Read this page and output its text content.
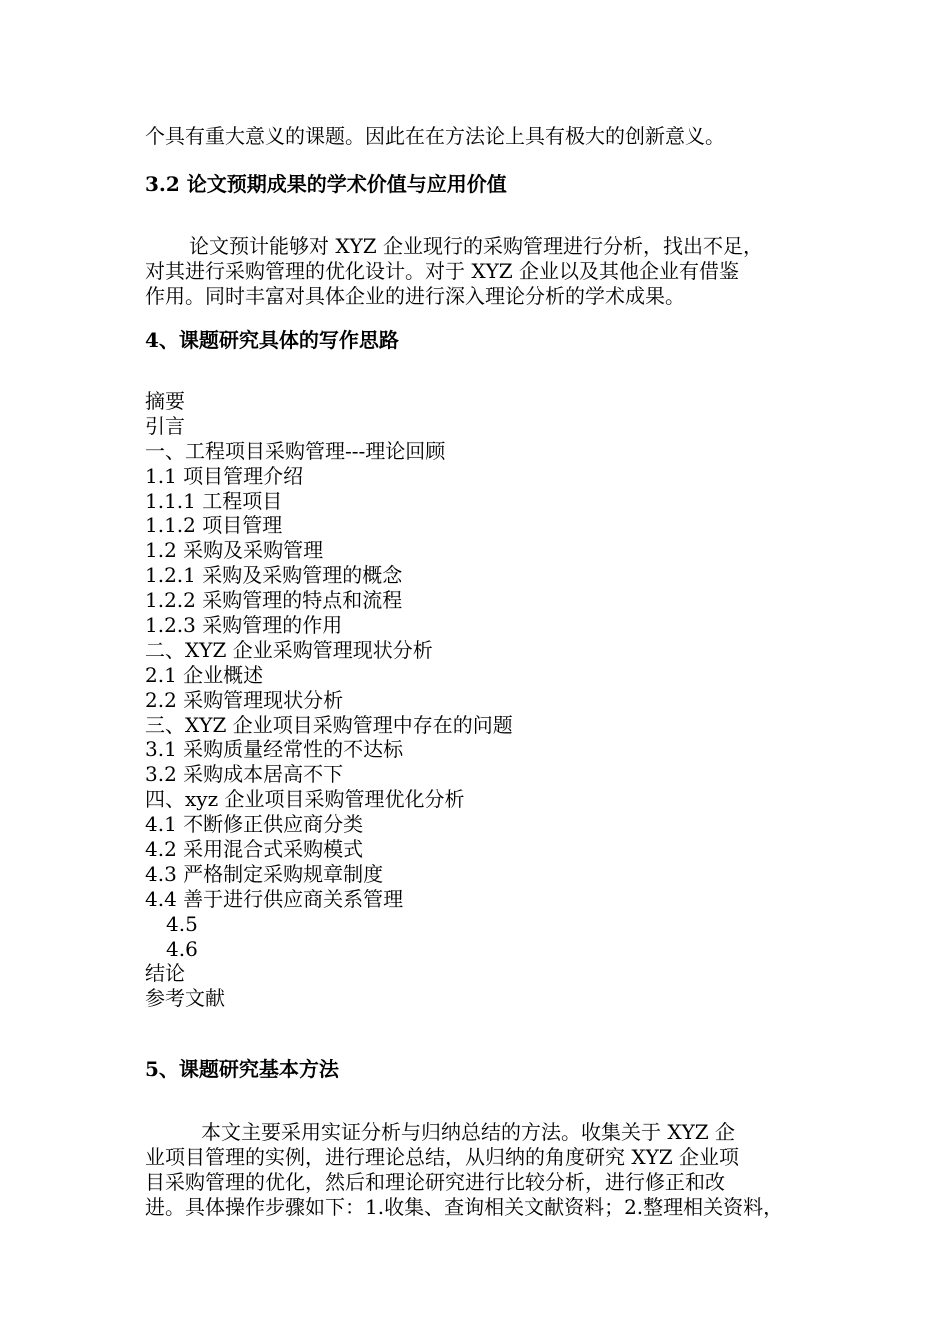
个具有重大意义的课题。因此在在方法论上具有极大的创新意义。

3.2 论文预期成果的学术价值与应用价值

论文预计能够对 XYZ 企业现行的采购管理进行分析，找出不足，
对其进行采购管理的优化设计。对于 XYZ 企业以及其他企业有借鉴
作用。同时丰富对具体企业的进行深入理论分析的学术成果。

4、课题研究具体的写作思路
摘要
引言
一、工程项目采购管理---理论回顾
1.1 项目管理介绍
1.1.1 工程项目
1.1.2 项目管理
1.2 采购及采购管理
1.2.1 采购及采购管理的概念
1.2.2 采购管理的特点和流程
1.2.3 采购管理的作用
二、XYZ 企业采购管理现状分析
2.1 企业概述
2.2 采购管理现状分析
三、XYZ 企业项目采购管理中存在的问题
3.1 采购质量经常性的不达标
3.2 采购成本居高不下
四、xyz 企业项目采购管理优化分析
4.1 不断修正供应商分类
4.2 采用混合式采购模式
4.3 严格制定采购规章制度
4.4 善于进行供应商关系管理
4.5
4.6
结论
参考文献
5、课题研究基本方法

本文主要采用实证分析与归纳总结的方法。收集关于 XYZ 企
业项目管理的实例，进行理论总结，从归纳的角度研究 XYZ 企业项
目采购管理的优化，然后和理论研究进行比较分析，进行修正和改
进。具体操作步骤如下：1.收集、查询相关文献资料；2.整理相关资料，
